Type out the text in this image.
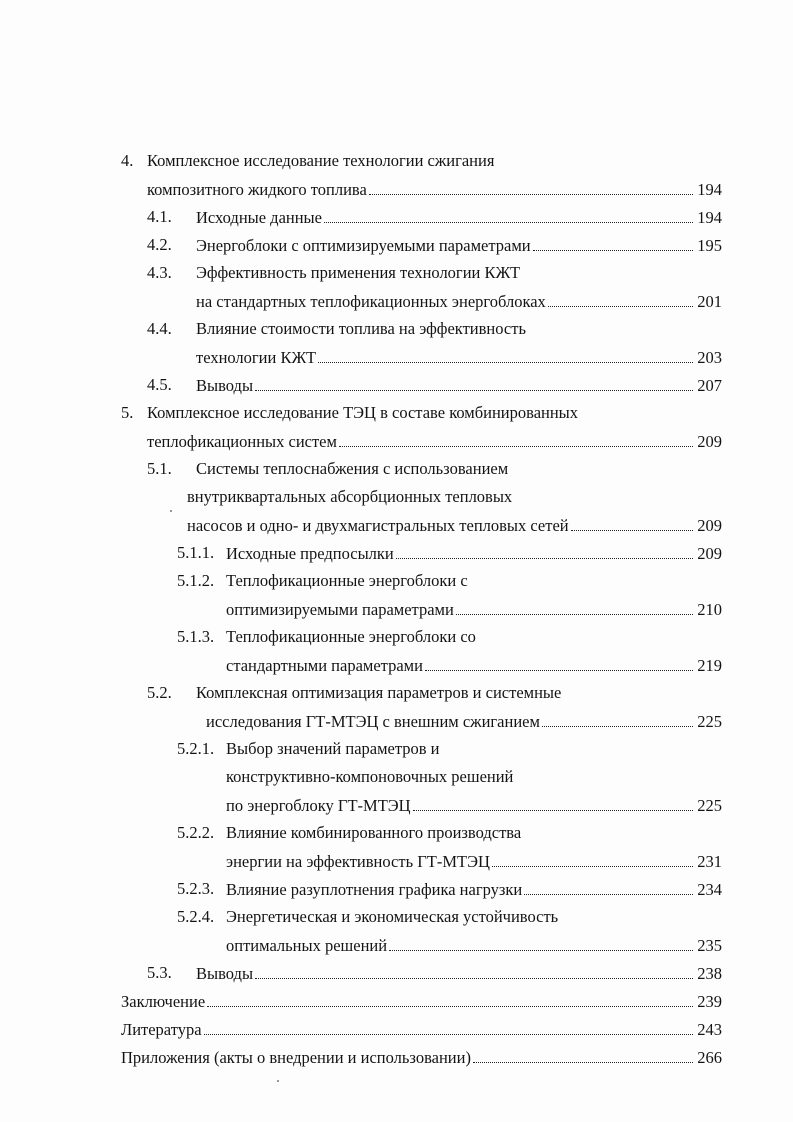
4. Комплексное исследование технологии сжигания
композитного жидкого топлива	194
4.1. Исходные данные	194
4.2. Энергоблоки с оптимизируемыми параметрами	195
4.3. Эффективность применения технологии КЖТ
на стандартных теплофикационных энергоблоках	201
4.4. Влияние стоимости топлива на эффективность
технологии КЖТ	203
4.5. Выводы	207
5. Комплексное исследование ТЭЦ в составе комбинированных
теплофикационных систем	209
5.1. Системы теплоснабжения с использованием
внутриквартальных абсорбционных тепловых
насосов и одно- и двухмагистральных тепловых сетей	209
5.1.1. Исходные предпосылки	209
5.1.2. Теплофикационные энергоблоки с
оптимизируемыми параметрами	210
5.1.3. Теплофикационные энергоблоки со
стандартными параметрами	219
5.2. Комплексная оптимизация параметров и системные
исследования ГТ-МТЭЦ с внешним сжиганием	225
5.2.1. Выбор значений параметров и
конструктивно-компоновочных решений
по энергоблоку ГТ-МТЭЦ	225
5.2.2. Влияние комбинированного производства
энергии на эффективность ГТ-МТЭЦ	231
5.2.3. Влияние разуплотнения графика нагрузки	234
5.2.4. Энергетическая и экономическая устойчивость
оптимальных решений	235
5.3. Выводы	238
Заключение	239
Литература	243
Приложения (акты о внедрении и использовании)	266
